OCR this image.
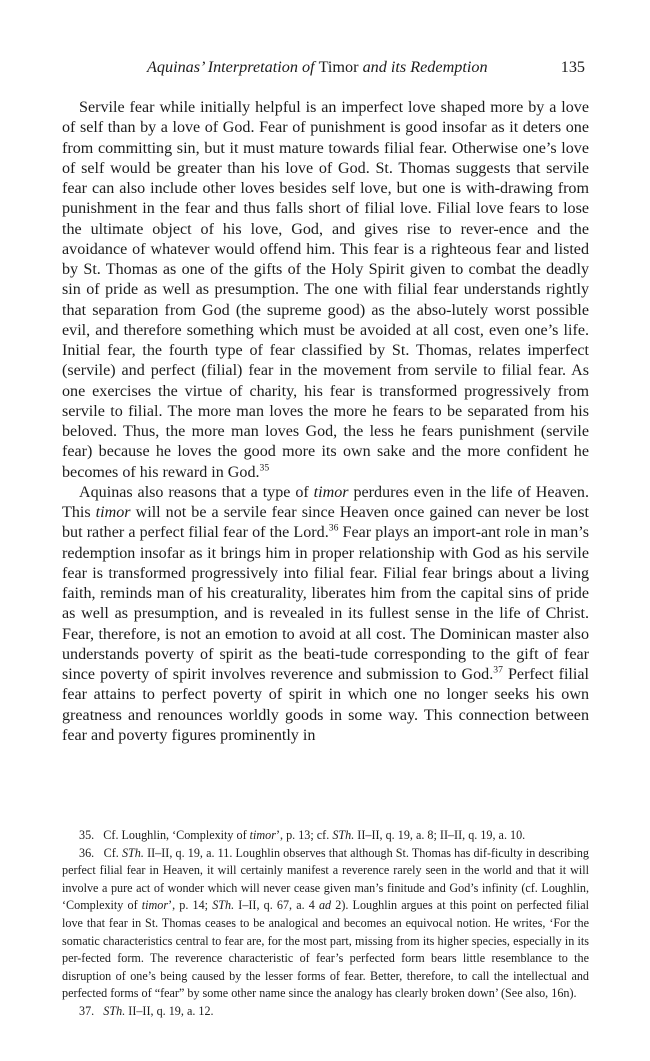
Aquinas’ Interpretation of Timor and its Redemption	135

Servile fear while initially helpful is an imperfect love shaped more by a love of self than by a love of God. Fear of punishment is good insofar as it deters one from committing sin, but it must mature towards filial fear. Otherwise one’s love of self would be greater than his love of God. St. Thomas suggests that servile fear can also include other loves besides self love, but one is with-drawing from punishment in the fear and thus falls short of filial love. Filial love fears to lose the ultimate object of his love, God, and gives rise to rever-ence and the avoidance of whatever would offend him. This fear is a righteous fear and listed by St. Thomas as one of the gifts of the Holy Spirit given to combat the deadly sin of pride as well as presumption. The one with filial fear understands rightly that separation from God (the supreme good) as the abso-lutely worst possible evil, and therefore something which must be avoided at all cost, even one’s life. Initial fear, the fourth type of fear classified by St. Thomas, relates imperfect (servile) and perfect (filial) fear in the movement from servile to filial fear. As one exercises the virtue of charity, his fear is transformed progressively from servile to filial. The more man loves the more he fears to be separated from his beloved. Thus, the more man loves God, the less he fears punishment (servile fear) because he loves the good more its own sake and the more confident he becomes of his reward in God.$^{35}$

Aquinas also reasons that a type of timor perdures even in the life of Heaven. This timor will not be a servile fear since Heaven once gained can never be lost but rather a perfect filial fear of the Lord.$^{36}$ Fear plays an import-ant role in man’s redemption insofar as it brings him in proper relationship with God as his servile fear is transformed progressively into filial fear. Filial fear brings about a living faith, reminds man of his creaturality, liberates him from the capital sins of pride as well as presumption, and is revealed in its fullest sense in the life of Christ. Fear, therefore, is not an emotion to avoid at all cost. The Dominican master also understands poverty of spirit as the beati-tude corresponding to the gift of fear since poverty of spirit involves reverence and submission to God.$^{37}$ Perfect filial fear attains to perfect poverty of spirit in which one no longer seeks his own greatness and renounces worldly goods in some way. This connection between fear and poverty figures prominently in

35. Cf. Loughlin, ‘Complexity of timor’, p. 13; cf. STh. II–II, q. 19, a. 8; II–II, q. 19, a. 10.

36. Cf. STh. II–II, q. 19, a. 11. Loughlin observes that although St. Thomas has dif-ficulty in describing perfect filial fear in Heaven, it will certainly manifest a reverence rarely seen in the world and that it will involve a pure act of wonder which will never cease given man’s finitude and God’s infinity (cf. Loughlin, ‘Complexity of timor’, p. 14; STh. I–II, q. 67, a. 4 ad 2). Loughlin argues at this point on perfected filial love that fear in St. Thomas ceases to be analogical and becomes an equivocal notion. He writes, ‘For the somatic characteristics central to fear are, for the most part, missing from its higher species, especially in its per-fected form. The reverence characteristic of fear’s perfected form bears little resemblance to the disruption of one’s being caused by the lesser forms of fear. Better, therefore, to call the intellectual and perfected forms of “fear” by some other name since the analogy has clearly broken down’ (See also, 16n).

37. STh. II–II, q. 19, a. 12.
